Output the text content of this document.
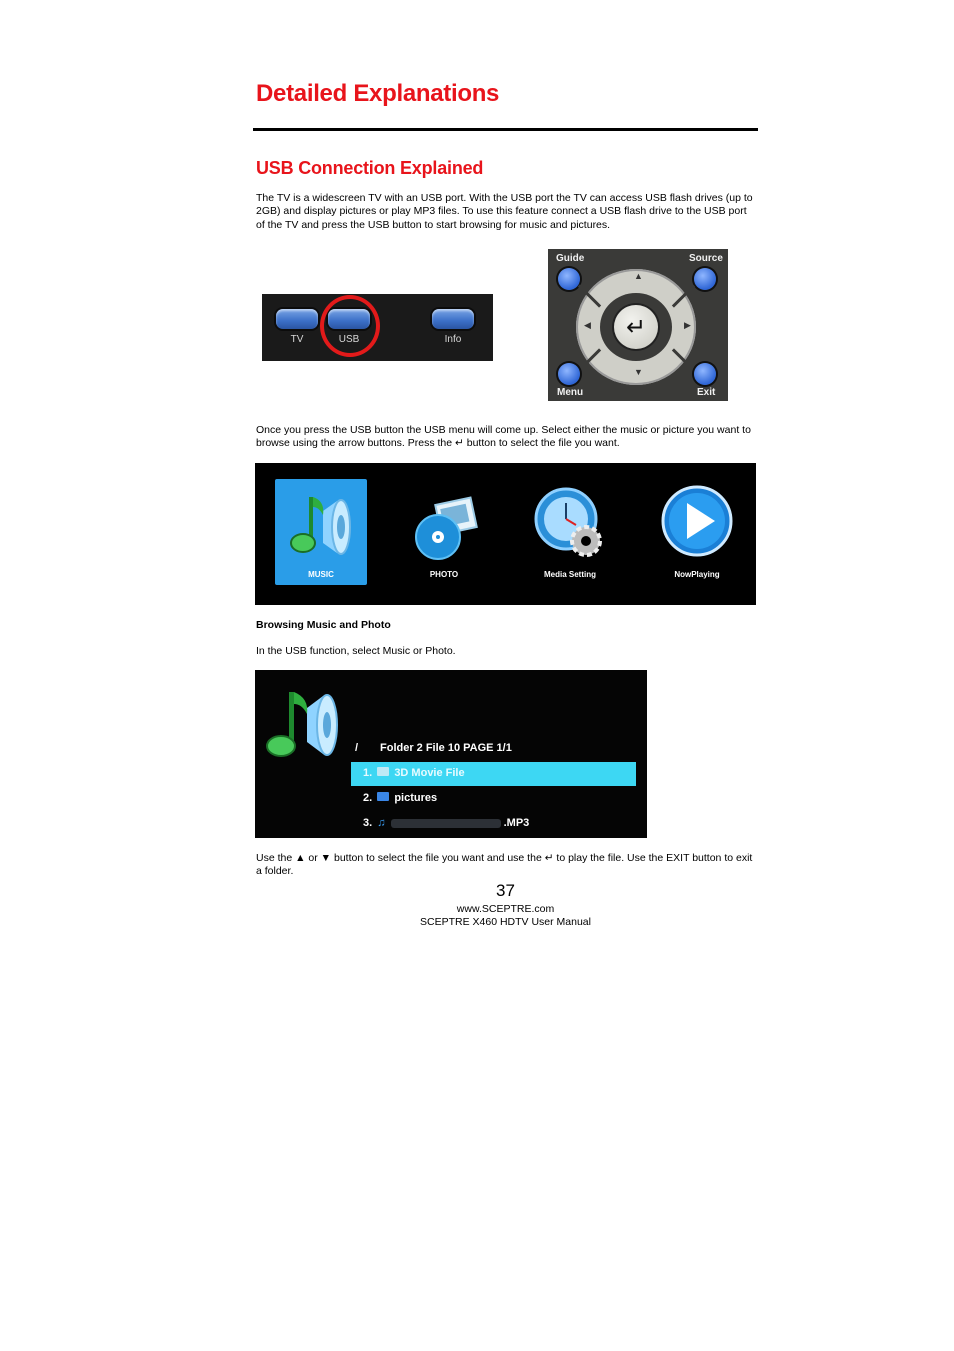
Detailed Explanations
USB Connection Explained
The TV is a widescreen TV with an USB port. With the USB port the TV can access USB flash drives (up to 2GB) and display pictures or play MP3 files. To use this feature connect a USB flash drive to the USB port of the TV and press the USB button to start browsing for music and pictures.
TV	USB	Info
Guide	Source
▲
▼
◀	▶
↵
Menu	Exit
Once you press the USB button the USB menu will come up. Select either the music or picture you want to browse using the arrow buttons. Press the ↵ button to select the file you want.
MUSIC	PHOTO	Media Setting	NowPlaying
Browsing Music and Photo
In the USB function, select Music or Photo.
/ Folder 2 File 10 PAGE 1/1
1. 3D Movie File
2. pictures
3. ♫	.MP3
Use the ▲ or ▼ button to select the file you want and use the ↵ to play the file. Use the EXIT button to exit a folder.
37
www.SCEPTRE.com
SCEPTRE X460 HDTV User Manual
